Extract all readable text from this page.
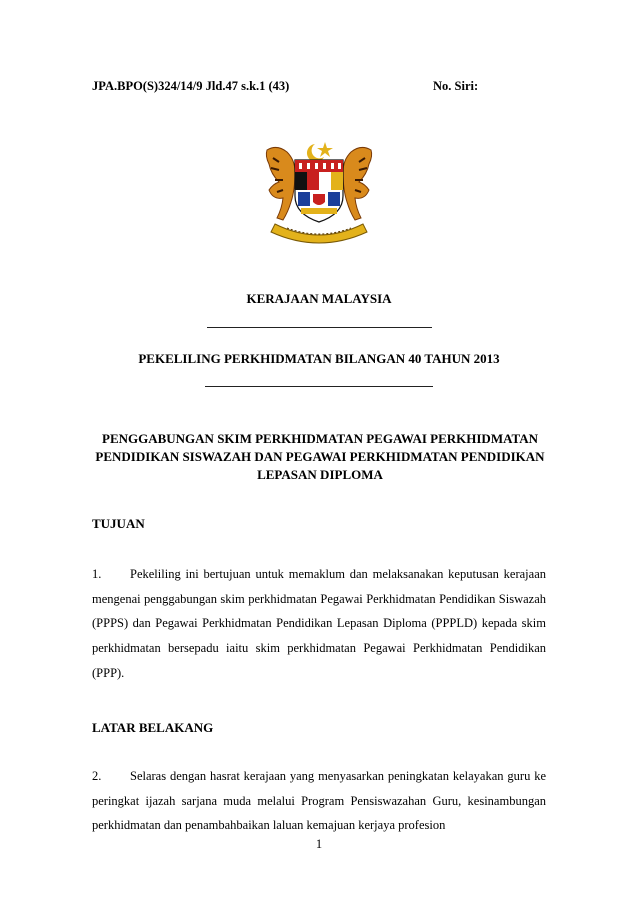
JPA.BPO(S)324/14/9 Jld.47 s.k.1 (43)	No. Siri:
KERAJAAN MALAYSIA
PEKELILING PERKHIDMATAN BILANGAN 40 TAHUN 2013
PENGGABUNGAN SKIM PERKHIDMATAN PEGAWAI PERKHIDMATAN
PENDIDIKAN SISWAZAH DAN PEGAWAI PERKHIDMATAN PENDIDIKAN
LEPASAN DIPLOMA
TUJUAN
1. Pekeliling ini bertujuan untuk memaklum dan melaksanakan keputusan kerajaan mengenai penggabungan skim perkhidmatan Pegawai Perkhidmatan Pendidikan Siswazah (PPPS) dan Pegawai Perkhidmatan Pendidikan Lepasan Diploma (PPPLD) kepada skim perkhidmatan bersepadu iaitu skim perkhidmatan Pegawai Perkhidmatan Pendidikan (PPP).
LATAR BELAKANG
2. Selaras dengan hasrat kerajaan yang menyasarkan peningkatan kelayakan guru ke peringkat ijazah sarjana muda melalui Program Pensiswazahan Guru, kesinambungan perkhidmatan dan penambahbaikan laluan kemajuan kerjaya profesion
1
